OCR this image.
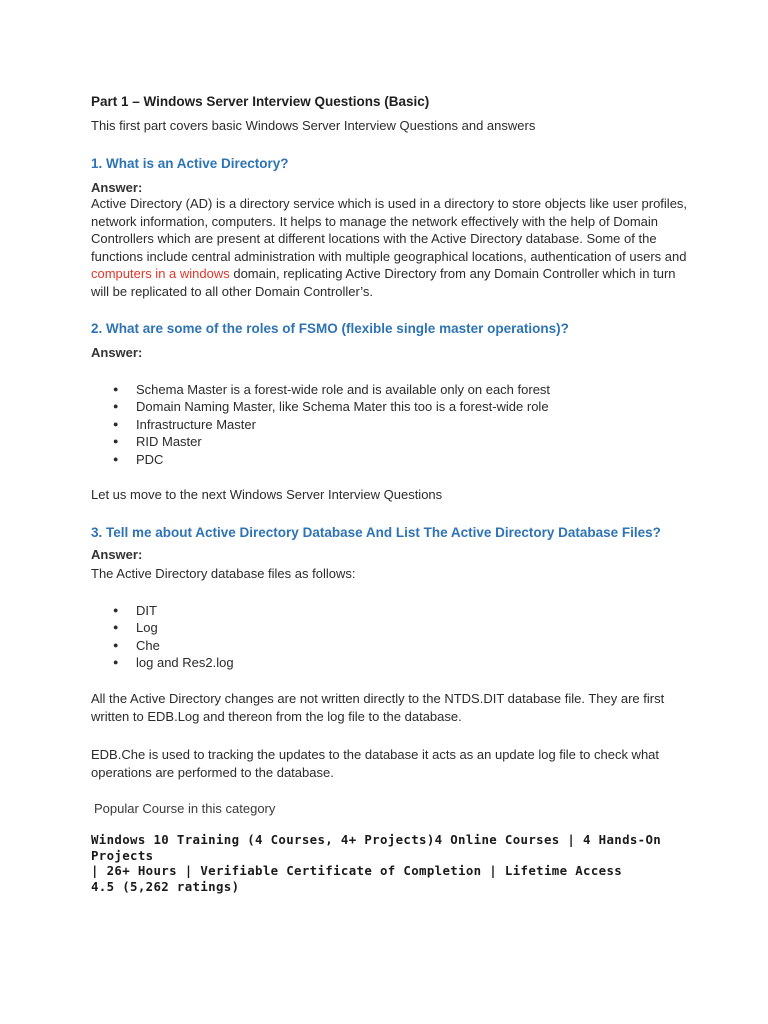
Part 1 – Windows Server Interview Questions (Basic)
This first part covers basic Windows Server Interview Questions and answers
1. What is an Active Directory?
Answer:
Active Directory (AD) is a directory service which is used in a directory to store objects like user profiles, network information, computers. It helps to manage the network effectively with the help of Domain Controllers which are present at different locations with the Active Directory database. Some of the functions include central administration with multiple geographical locations, authentication of users and computers in a windows domain, replicating Active Directory from any Domain Controller which in turn will be replicated to all other Domain Controller’s.
2. What are some of the roles of FSMO (flexible single master operations)?
Answer:
● Schema Master is a forest-wide role and is available only on each forest
● Domain Naming Master, like Schema Mater this too is a forest-wide role
● Infrastructure Master
● RID Master
● PDC
Let us move to the next Windows Server Interview Questions
3. Tell me about Active Directory Database And List The Active Directory Database Files?
Answer:
The Active Directory database files as follows:
● DIT
● Log
● Che
● log and Res2.log
All the Active Directory changes are not written directly to the NTDS.DIT database file. They are first written to EDB.Log and thereon from the log file to the database.
EDB.Che is used to tracking the updates to the database it acts as an update log file to check what operations are performed to the database.
Popular Course in this category
Windows 10 Training (4 Courses, 4+ Projects)4 Online Courses | 4 Hands-On Projects
| 26+ Hours | Verifiable Certificate of Completion | Lifetime Access
4.5 (5,262 ratings)
